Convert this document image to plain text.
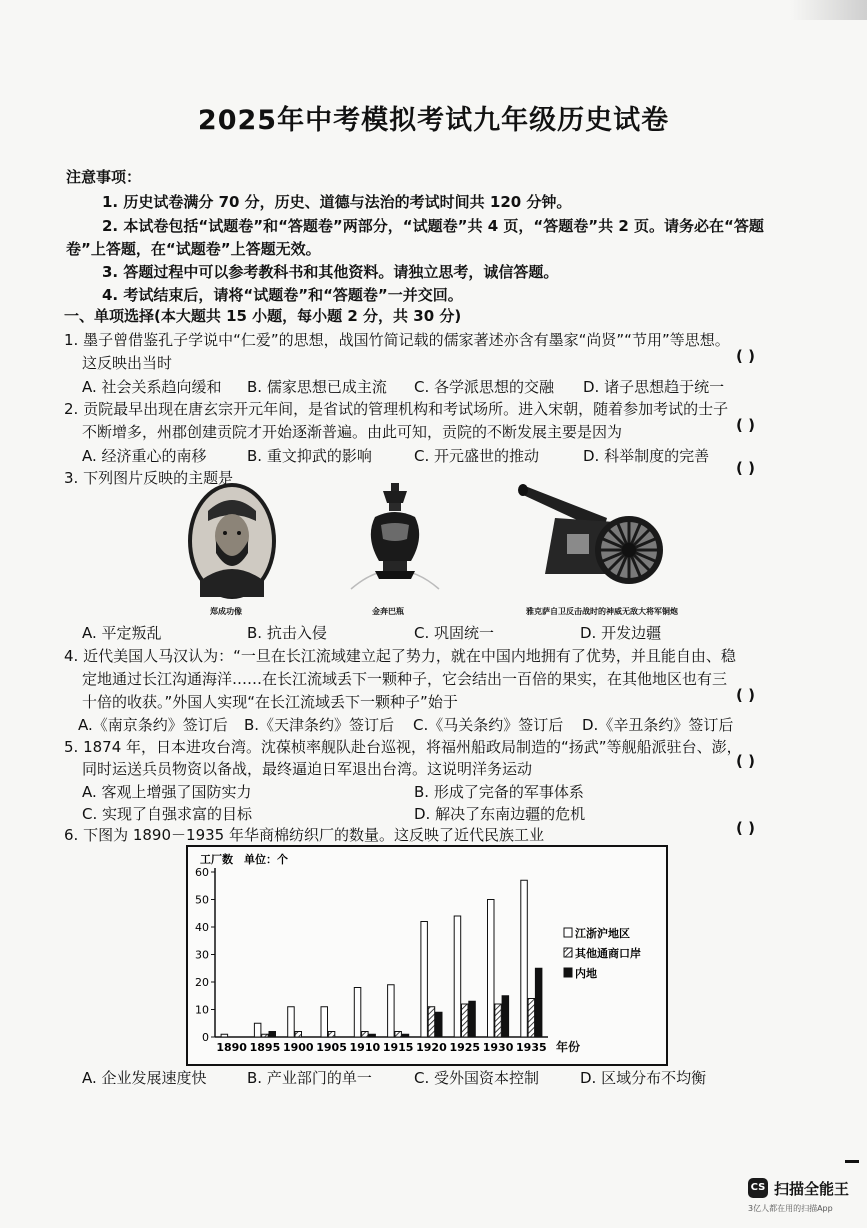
2025年中考模拟考试九年级历史试卷
注意事项：
1. 历史试卷满分 70 分，历史、道德与法治的考试时间共 120 分钟。
2. 本试卷包括“试题卷”和“答题卷”两部分，“试题卷”共 4 页，“答题卷”共 2 页。请务必在“答题
卷”上答题，在“试题卷”上答题无效。
3. 答题过程中可以参考教科书和其他资料。请独立思考，诚信答题。
4. 考试结束后，请将“试题卷”和“答题卷”一并交回。
一、单项选择(本大题共 15 小题，每小题 2 分，共 30 分)
1. 墨子曾借鉴孔子学说中“仁爱”的思想，战国竹简记载的儒家著述亦含有墨家“尚贤”“节用”等思想。
这反映出当时	( )
A. 社会关系趋向缓和 B. 儒家思想已成主流 C. 各学派思想的交融 D. 诸子思想趋于统一
2. 贡院最早出现在唐玄宗开元年间，是省试的管理机构和考试场所。进入宋朝，随着参加考试的士子
不断增多，州郡创建贡院才开始逐渐普遍。由此可知，贡院的不断发展主要是因为	( )
A. 经济重心的南移	B. 重文抑武的影响	C. 开元盛世的推动	D. 科举制度的完善
3. 下列图片反映的主题是
( )
郑成功像	金奔巴瓶	雅克萨自卫反击战时的神威无敌大将军铜炮
A. 平定叛乱	B. 抗击入侵	C. 巩固统一	D. 开发边疆
4. 近代美国人马汉认为：“一旦在长江流域建立起了势力，就在中国内地拥有了优势，并且能自由、稳
定地通过长江沟通海洋……在长江流域丢下一颗种子，它会结出一百倍的果实，在其他地区也有三
十倍的收获。”外国人实现“在长江流域丢下一颗种子”始于	( )
A.《南京条约》签订后 B.《天津条约》签订后 C.《马关条约》签订后 D.《辛丑条约》签订后
5. 1874 年，日本进攻台湾。沈葆桢率舰队赴台巡视，将福州船政局制造的“扬武”等舰船派驻台、澎，
同时运送兵员物资以备战，最终逼迫日军退出台湾。这说明洋务运动	( )
A. 客观上增强了国防实力	B. 形成了完备的军事体系
C. 实现了自强求富的目标	D. 解决了东南边疆的危机
6. 下图为 1890－1935 年华商棉纺织厂的数量。这反映了近代民族工业	( )
工厂数　单位：个
0
10
20
30
40
50
60
1890 1895 1900 1905 1910 1915 1920 1925 1930 1935
江浙沪地区
其他通商口岸
内地
年份
A. 企业发展速度快	B. 产业部门的单一	C. 受外国资本控制	D. 区域分布不均衡
CS 扫描全能王
3亿人都在用的扫描App
